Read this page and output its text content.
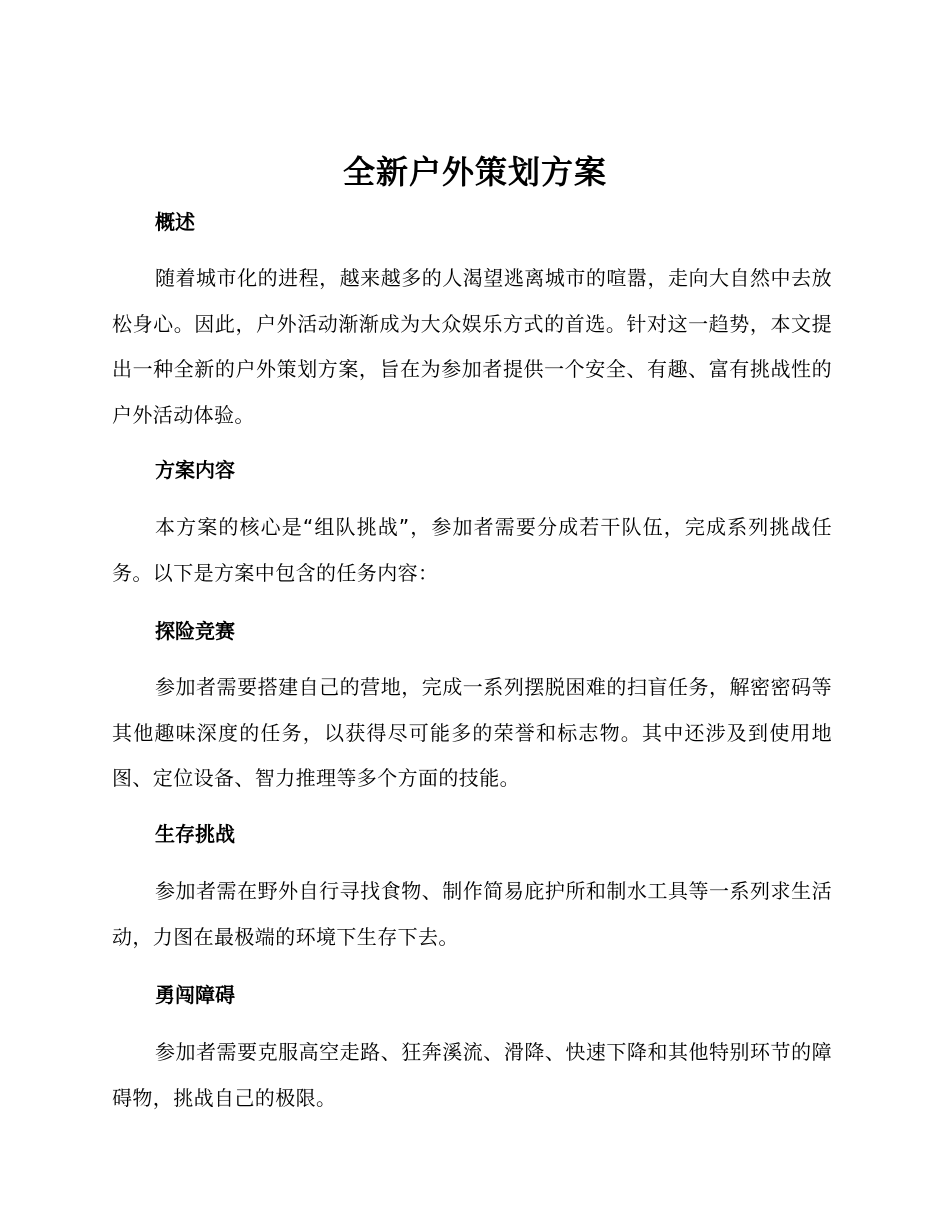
全新户外策划方案
概述

随着城市化的进程，越来越多的人渴望逃离城市的喧嚣，走向大自然中去放松身心。因此，户外活动渐渐成为大众娱乐方式的首选。针对这一趋势，本文提出一种全新的户外策划方案，旨在为参加者提供一个安全、有趣、富有挑战性的户外活动体验。

方案内容

本方案的核心是“组队挑战”，参加者需要分成若干队伍，完成系列挑战任务。以下是方案中包含的任务内容：

探险竞赛

参加者需要搭建自己的营地，完成一系列摆脱困难的扫盲任务，解密密码等其他趣味深度的任务，以获得尽可能多的荣誉和标志物。其中还涉及到使用地图、定位设备、智力推理等多个方面的技能。

生存挑战

参加者需在野外自行寻找食物、制作简易庇护所和制水工具等一系列求生活动，力图在最极端的环境下生存下去。

勇闯障碍

参加者需要克服高空走路、狂奔溪流、滑降、快速下降和其他特别环节的障碍物，挑战自己的极限。
